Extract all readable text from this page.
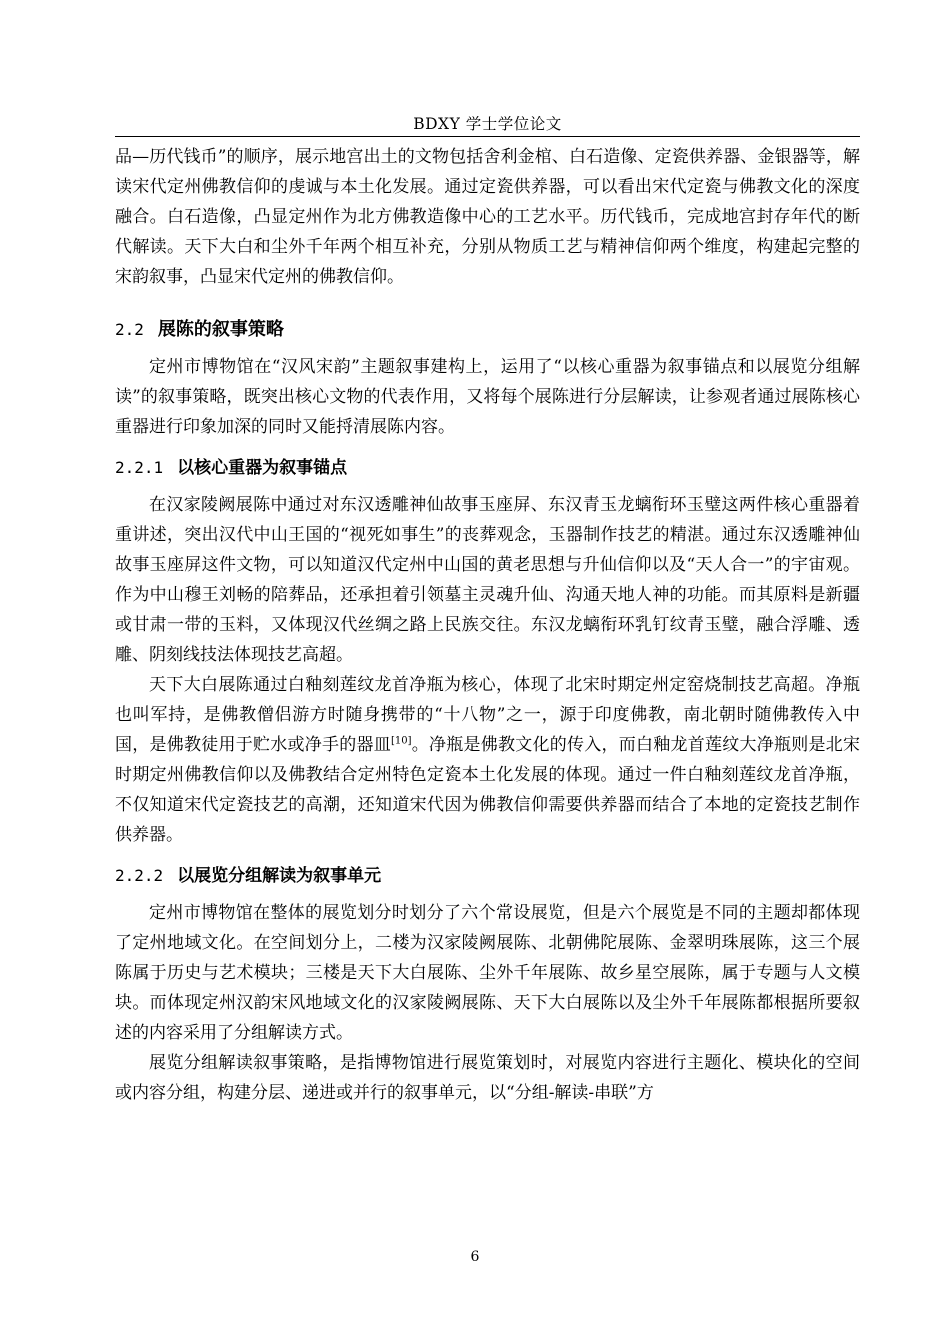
BDXY 学士学位论文

品—历代钱币”的顺序，展示地宫出土的文物包括舍利金棺、白石造像、定瓷供养器、金银器等，解读宋代定州佛教信仰的虔诚与本土化发展。通过定瓷供养器，可以看出宋代定瓷与佛教文化的深度融合。白石造像，凸显定州作为北方佛教造像中心的工艺水平。历代钱币，完成地宫封存年代的断代解读。天下大白和尘外千年两个相互补充，分别从物质工艺与精神信仰两个维度，构建起完整的宋韵叙事，凸显宋代定州的佛教信仰。

2.2 展陈的叙事策略

定州市博物馆在“汉风宋韵”主题叙事建构上，运用了“以核心重器为叙事锚点和以展览分组解读”的叙事策略，既突出核心文物的代表作用，又将每个展陈进行分层解读，让参观者通过展陈核心重器进行印象加深的同时又能捋清展陈内容。

2.2.1 以核心重器为叙事锚点

在汉家陵阙展陈中通过对东汉透雕神仙故事玉座屏、东汉青玉龙螭衔环玉璧这两件核心重器着重讲述，突出汉代中山王国的“视死如事生”的丧葬观念，玉器制作技艺的精湛。通过东汉透雕神仙故事玉座屏这件文物，可以知道汉代定州中山国的黄老思想与升仙信仰以及“天人合一”的宇宙观。作为中山穆王刘畅的陪葬品，还承担着引领墓主灵魂升仙、沟通天地人神的功能。而其原料是新疆或甘肃一带的玉料，又体现汉代丝绸之路上民族交往。东汉龙螭衔环乳钉纹青玉璧，融合浮雕、透雕、阴刻线技法体现技艺高超。

天下大白展陈通过白釉刻莲纹龙首净瓶为核心，体现了北宋时期定州定窑烧制技艺高超。净瓶也叫军持，是佛教僧侣游方时随身携带的“十八物”之一，源于印度佛教，南北朝时随佛教传入中国，是佛教徒用于贮水或净手的器皿[10]。净瓶是佛教文化的传入，而白釉龙首莲纹大净瓶则是北宋时期定州佛教信仰以及佛教结合定州特色定瓷本土化发展的体现。通过一件白釉刻莲纹龙首净瓶，不仅知道宋代定瓷技艺的高潮，还知道宋代因为佛教信仰需要供养器而结合了本地的定瓷技艺制作供养器。

2.2.2 以展览分组解读为叙事单元

定州市博物馆在整体的展览划分时划分了六个常设展览，但是六个展览是不同的主题却都体现了定州地域文化。在空间划分上，二楼为汉家陵阙展陈、北朝佛陀展陈、金翠明珠展陈，这三个展陈属于历史与艺术模块；三楼是天下大白展陈、尘外千年展陈、故乡星空展陈，属于专题与人文模块。而体现定州汉韵宋风地域文化的汉家陵阙展陈、天下大白展陈以及尘外千年展陈都根据所要叙述的内容采用了分组解读方式。

展览分组解读叙事策略，是指博物馆进行展览策划时，对展览内容进行主题化、模块化的空间或内容分组，构建分层、递进或并行的叙事单元，以“分组-解读-串联”方

6
